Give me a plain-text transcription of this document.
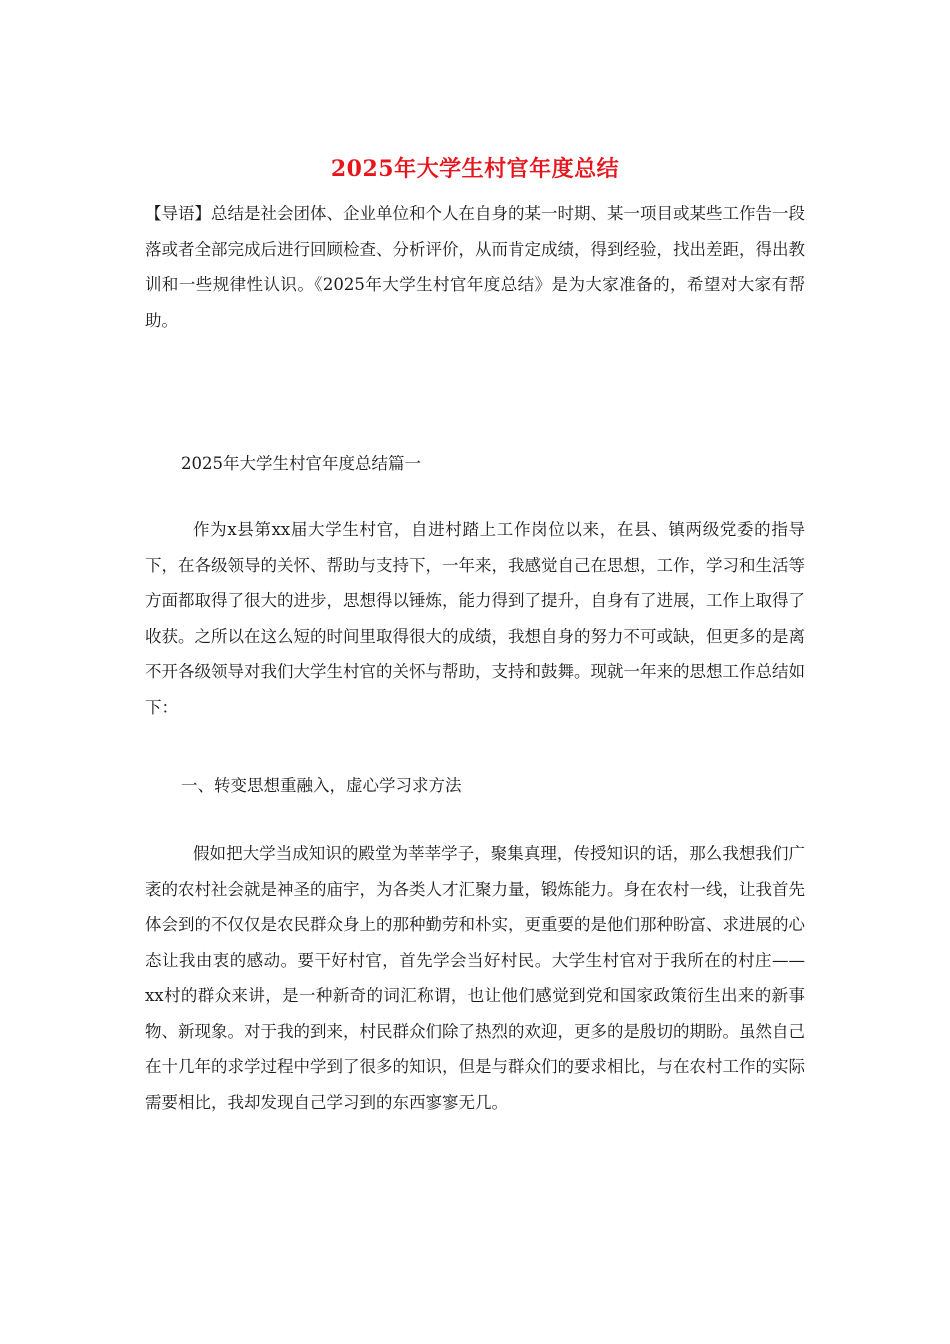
2025年大学生村官年度总结
【导语】总结是社会团体、企业单位和个人在自身的某一时期、某一项目或某些工作告一段落或者全部完成后进行回顾检查、分析评价，从而肯定成绩，得到经验，找出差距，得出教训和一些规律性认识。《2025年大学生村官年度总结》是为大家准备的，希望对大家有帮助。
2025年大学生村官年度总结篇一
作为x县第xx届大学生村官，自进村踏上工作岗位以来，在县、镇两级党委的指导下，在各级领导的关怀、帮助与支持下，一年来，我感觉自己在思想，工作，学习和生活等方面都取得了很大的进步，思想得以锤炼，能力得到了提升，自身有了进展，工作上取得了收获。之所以在这么短的时间里取得很大的成绩，我想自身的努力不可或缺，但更多的是离不开各级领导对我们大学生村官的关怀与帮助，支持和鼓舞。现就一年来的思想工作总结如下：
一、转变思想重融入，虚心学习求方法
假如把大学当成知识的殿堂为莘莘学子，聚集真理，传授知识的话，那么我想我们广袤的农村社会就是神圣的庙宇，为各类人才汇聚力量，锻炼能力。身在农村一线，让我首先体会到的不仅仅是农民群众身上的那种勤劳和朴实，更重要的是他们那种盼富、求进展的心态让我由衷的感动。要干好村官，首先学会当好村民。大学生村官对于我所在的村庄——xx村的群众来讲，是一种新奇的词汇称谓，也让他们感觉到党和国家政策衍生出来的新事物、新现象。对于我的到来，村民群众们除了热烈的欢迎，更多的是殷切的期盼。虽然自己在十几年的求学过程中学到了很多的知识，但是与群众们的要求相比，与在农村工作的实际需要相比，我却发现自己学习到的东西寥寥无几。
